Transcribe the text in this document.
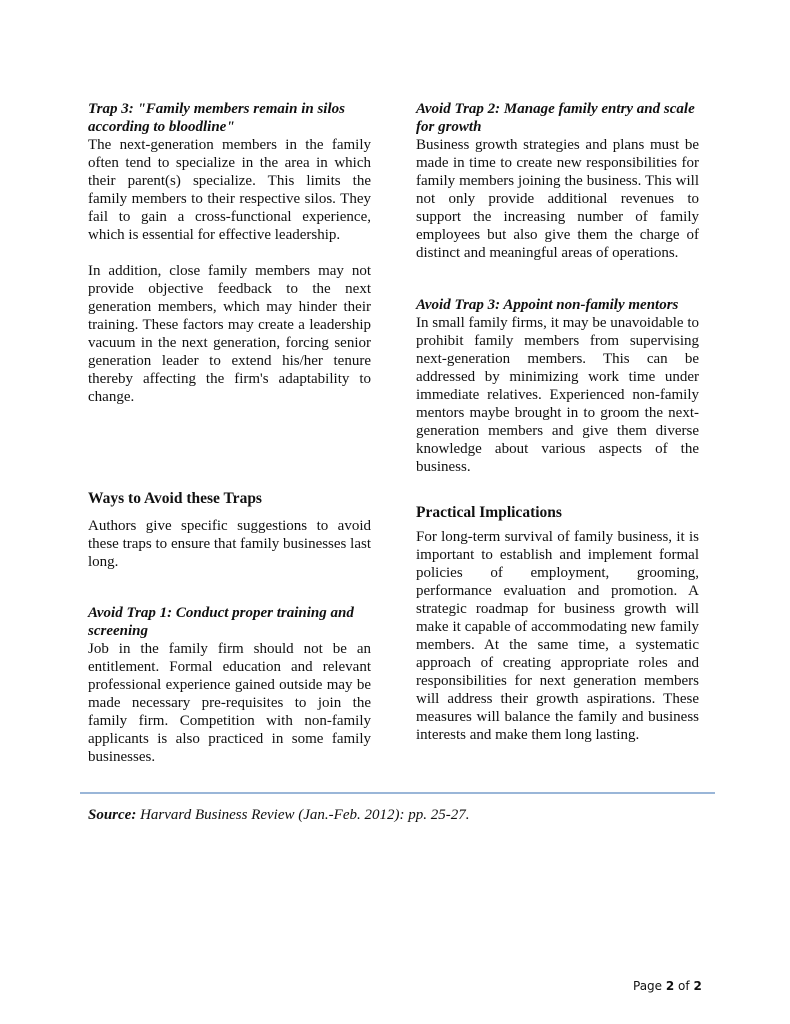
Trap 3: "Family members remain in silos according to bloodline"

The next-generation members in the family often tend to specialize in the area in which their parent(s) specialize. This limits the family members to their respective silos. They fail to gain a cross-functional experience, which is essential for effective leadership.

In addition, close family members may not provide objective feedback to the next generation members, which may hinder their training. These factors may create a leadership vacuum in the next generation, forcing senior generation leader to extend his/her tenure thereby affecting the firm's adaptability to change.

Ways to Avoid these Traps

Authors give specific suggestions to avoid these traps to ensure that family businesses last long.

Avoid Trap 1: Conduct proper training and screening

Job in the family firm should not be an entitlement. Formal education and relevant professional experience gained outside may be made necessary pre-requisites to join the family firm. Competition with non-family applicants is also practiced in some family businesses.

Avoid Trap 2: Manage family entry and scale for growth

Business growth strategies and plans must be made in time to create new responsibilities for family members joining the business. This will not only provide additional revenues to support the increasing number of family employees but also give them the charge of distinct and meaningful areas of operations.

Avoid Trap 3: Appoint non-family mentors

In small family firms, it may be unavoidable to prohibit family members from supervising next-generation members. This can be addressed by minimizing work time under immediate relatives. Experienced non-family mentors maybe brought in to groom the next-generation members and give them diverse knowledge about various aspects of the business.

Practical Implications

For long-term survival of family business, it is important to establish and implement formal policies of employment, grooming, performance evaluation and promotion. A strategic roadmap for business growth will make it capable of accommodating new family members. At the same time, a systematic approach of creating appropriate roles and responsibilities for next generation members will address their growth aspirations. These measures will balance the family and business interests and make them long lasting.

Source: Harvard Business Review (Jan.-Feb. 2012): pp. 25-27.
Page 2 of 2
